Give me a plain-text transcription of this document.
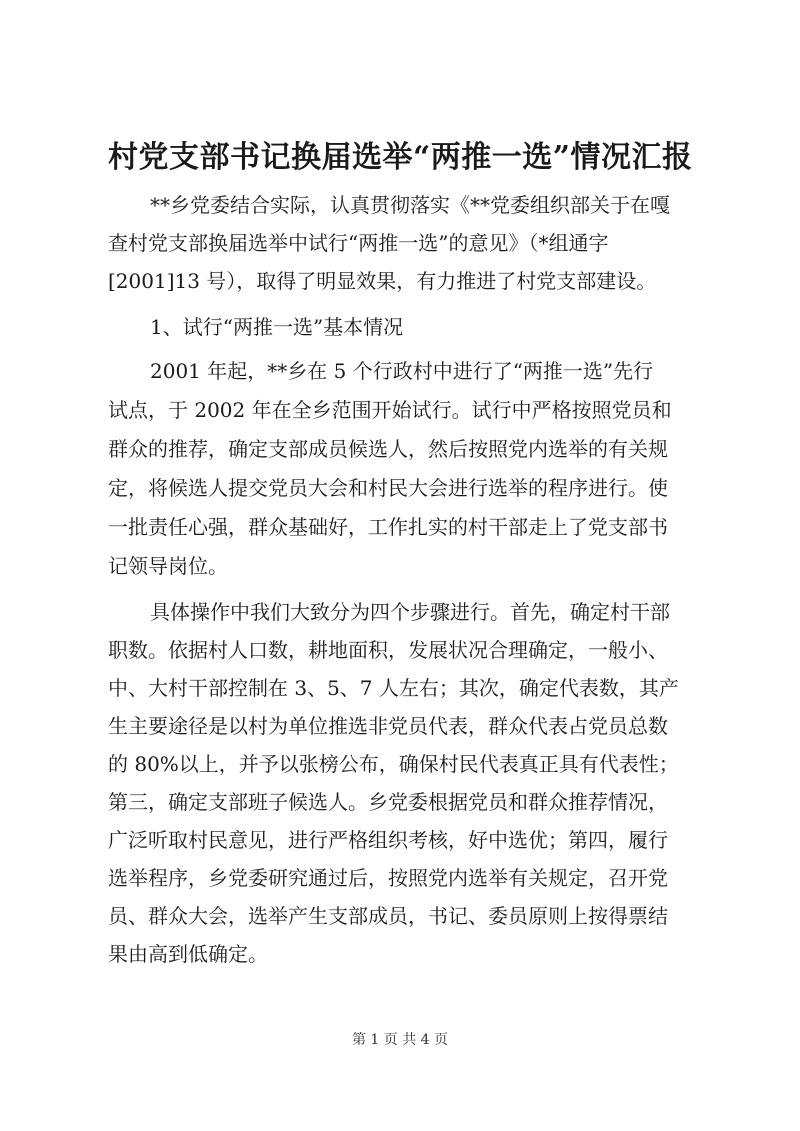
村党支部书记换届选举“两推一选”情况汇报
**乡党委结合实际，认真贯彻落实《**党委组织部关于在嘎
查村党支部换届选举中试行“两推一选”的意见》（*组通字
[2001]13 号），取得了明显效果，有力推进了村党支部建设。
1、试行“两推一选”基本情况
2001 年起，**乡在 5 个行政村中进行了“两推一选”先行
试点，于 2002 年在全乡范围开始试行。试行中严格按照党员和
群众的推荐，确定支部成员候选人，然后按照党内选举的有关规
定，将候选人提交党员大会和村民大会进行选举的程序进行。使
一批责任心强，群众基础好，工作扎实的村干部走上了党支部书
记领导岗位。
具体操作中我们大致分为四个步骤进行。首先，确定村干部
职数。依据村人口数，耕地面积，发展状况合理确定，一般小、
中、大村干部控制在 3、5、7 人左右；其次，确定代表数，其产
生主要途径是以村为单位推选非党员代表，群众代表占党员总数
的 80%以上，并予以张榜公布，确保村民代表真正具有代表性；
第三，确定支部班子候选人。乡党委根据党员和群众推荐情况，
广泛听取村民意见，进行严格组织考核，好中选优；第四，履行
选举程序，乡党委研究通过后，按照党内选举有关规定，召开党
员、群众大会，选举产生支部成员，书记、委员原则上按得票结
果由高到低确定。
第 1 页 共 4 页
